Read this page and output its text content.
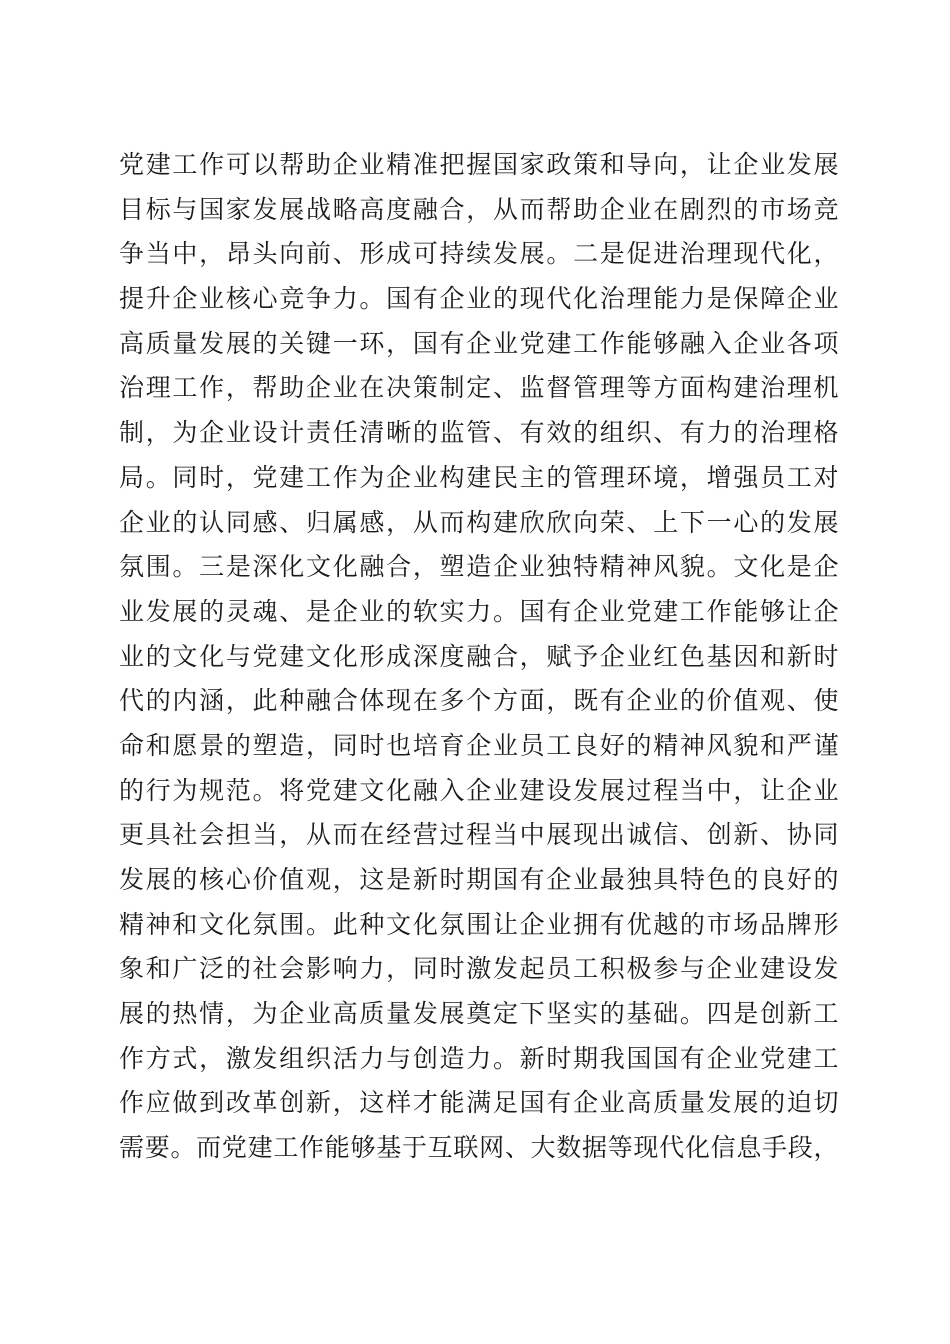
党建工作可以帮助企业精准把握国家政策和导向，让企业发展
目标与国家发展战略高度融合，从而帮助企业在剧烈的市场竞
争当中，昂头向前、形成可持续发展。二是促进治理现代化，
提升企业核心竞争力。国有企业的现代化治理能力是保障企业
高质量发展的关键一环，国有企业党建工作能够融入企业各项
治理工作，帮助企业在决策制定、监督管理等方面构建治理机
制，为企业设计责任清晰的监管、有效的组织、有力的治理格
局。同时，党建工作为企业构建民主的管理环境，增强员工对
企业的认同感、归属感，从而构建欣欣向荣、上下一心的发展
氛围。三是深化文化融合，塑造企业独特精神风貌。文化是企
业发展的灵魂、是企业的软实力。国有企业党建工作能够让企
业的文化与党建文化形成深度融合，赋予企业红色基因和新时
代的内涵，此种融合体现在多个方面，既有企业的价值观、使
命和愿景的塑造，同时也培育企业员工良好的精神风貌和严谨
的行为规范。将党建文化融入企业建设发展过程当中，让企业
更具社会担当，从而在经营过程当中展现出诚信、创新、协同
发展的核心价值观，这是新时期国有企业最独具特色的良好的
精神和文化氛围。此种文化氛围让企业拥有优越的市场品牌形
象和广泛的社会影响力，同时激发起员工积极参与企业建设发
展的热情，为企业高质量发展奠定下坚实的基础。四是创新工
作方式，激发组织活力与创造力。新时期我国国有企业党建工
作应做到改革创新，这样才能满足国有企业高质量发展的迫切
需要。而党建工作能够基于互联网、大数据等现代化信息手段，
